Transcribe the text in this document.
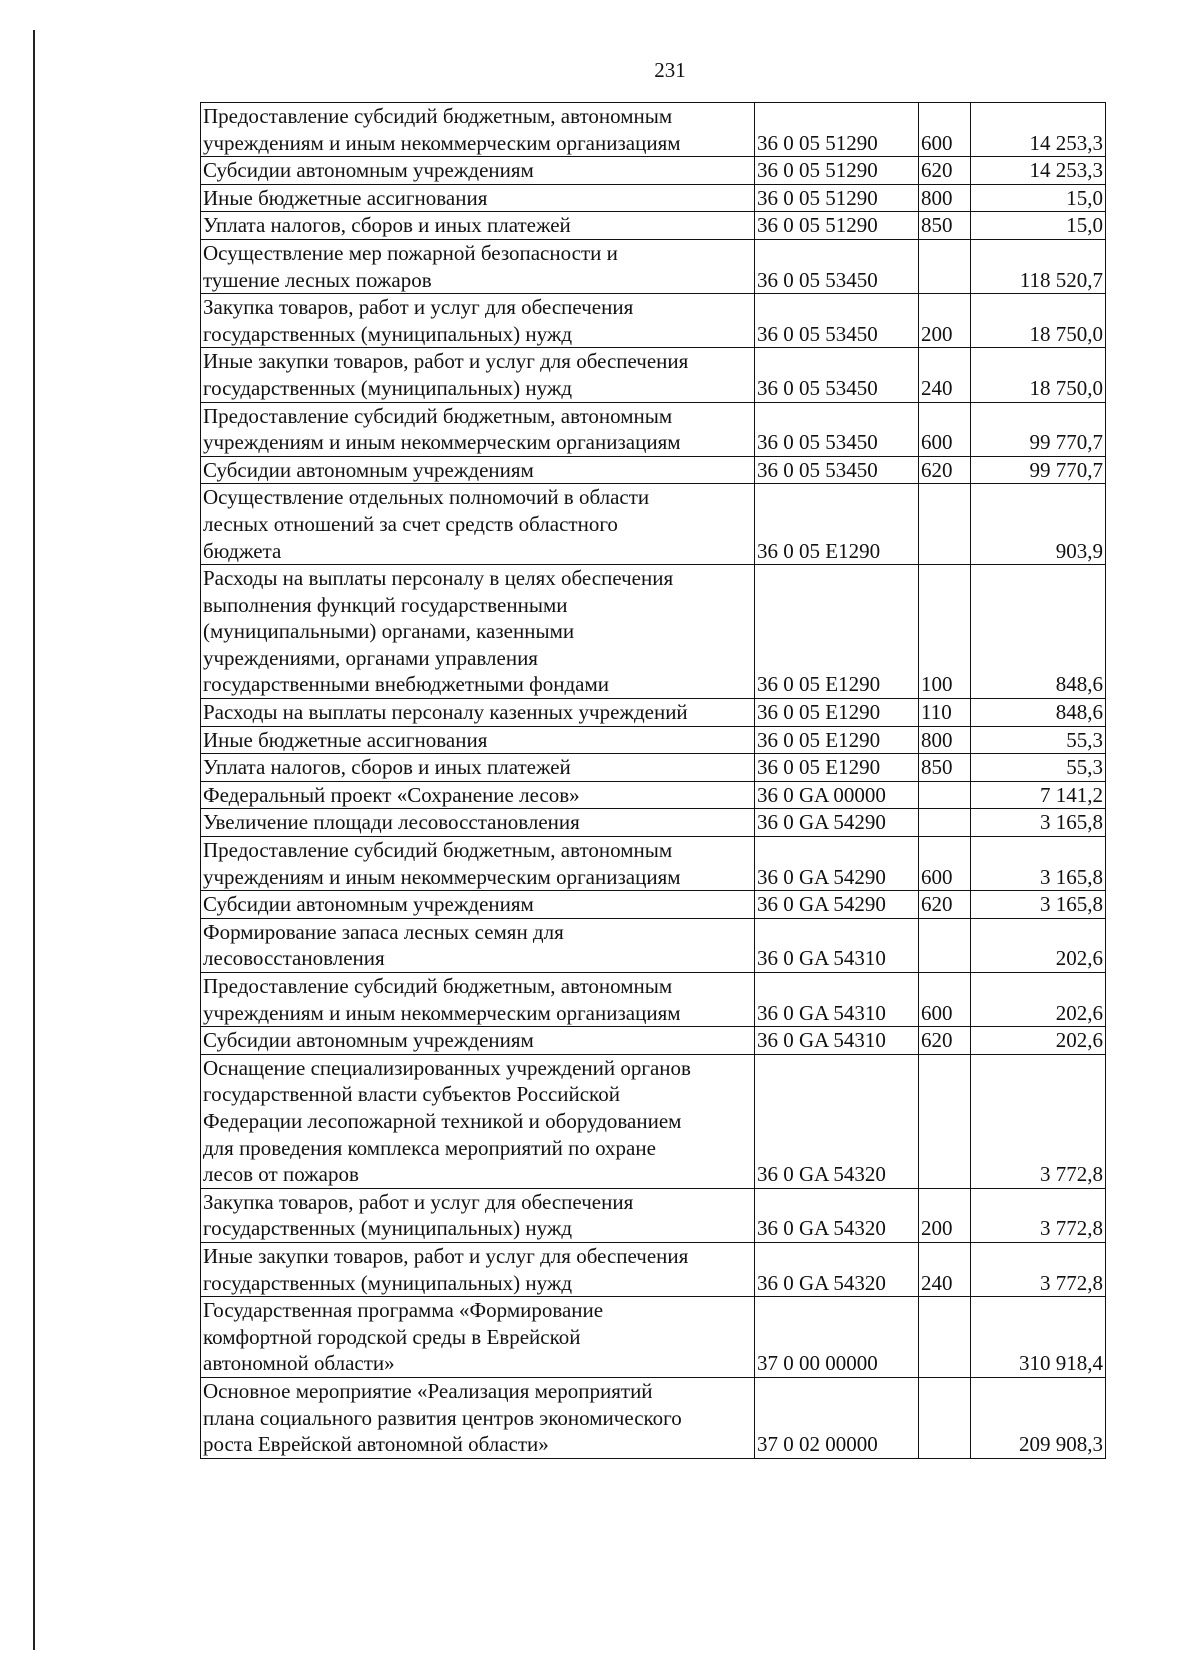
231
Предоставление субсидий бюджетным, автономным
учреждениям и иным некоммерческим организациям	36 0 05 51290	600	14 253,3
Субсидии автономным учреждениям	36 0 05 51290	620	14 253,3
Иные бюджетные ассигнования	36 0 05 51290	800	15,0
Уплата налогов, сборов и иных платежей	36 0 05 51290	850	15,0
Осуществление мер пожарной безопасности и
тушение лесных пожаров	36 0 05 53450		118 520,7
Закупка товаров, работ и услуг для обеспечения
государственных (муниципальных) нужд	36 0 05 53450	200	18 750,0
Иные закупки товаров, работ и услуг для обеспечения
государственных (муниципальных) нужд	36 0 05 53450	240	18 750,0
Предоставление субсидий бюджетным, автономным
учреждениям и иным некоммерческим организациям	36 0 05 53450	600	99 770,7
Субсидии автономным учреждениям	36 0 05 53450	620	99 770,7
Осуществление отдельных полномочий в области
лесных отношений за счет средств областного
бюджета	36 0 05 Е1290		903,9
Расходы на выплаты персоналу в целях обеспечения
выполнения функций государственными
(муниципальными) органами, казенными
учреждениями, органами управления
государственными внебюджетными фондами	36 0 05 Е1290	100	848,6
Расходы на выплаты персоналу казенных учреждений	36 0 05 Е1290	110	848,6
Иные бюджетные ассигнования	36 0 05 Е1290	800	55,3
Уплата налогов, сборов и иных платежей	36 0 05 Е1290	850	55,3
Федеральный проект «Сохранение лесов»	36 0 GA 00000		7 141,2
Увеличение площади лесовосстановления	36 0 GA 54290		3 165,8
Предоставление субсидий бюджетным, автономным
учреждениям и иным некоммерческим организациям	36 0 GA 54290	600	3 165,8
Субсидии автономным учреждениям	36 0 GA 54290	620	3 165,8
Формирование запаса лесных семян для
лесовосстановления	36 0 GA 54310		202,6
Предоставление субсидий бюджетным, автономным
учреждениям и иным некоммерческим организациям	36 0 GA 54310	600	202,6
Субсидии автономным учреждениям	36 0 GA 54310	620	202,6
Оснащение специализированных учреждений органов
государственной власти субъектов Российской
Федерации лесопожарной техникой и оборудованием
для проведения комплекса мероприятий по охране
лесов от пожаров	36 0 GA 54320		3 772,8
Закупка товаров, работ и услуг для обеспечения
государственных (муниципальных) нужд	36 0 GA 54320	200	3 772,8
Иные закупки товаров, работ и услуг для обеспечения
государственных (муниципальных) нужд	36 0 GA 54320	240	3 772,8
Государственная программа «Формирование
комфортной городской среды в Еврейской
автономной области»	37 0 00 00000		310 918,4
Основное мероприятие «Реализация мероприятий
плана социального развития центров экономического
роста Еврейской автономной области»	37 0 02 00000		209 908,3
